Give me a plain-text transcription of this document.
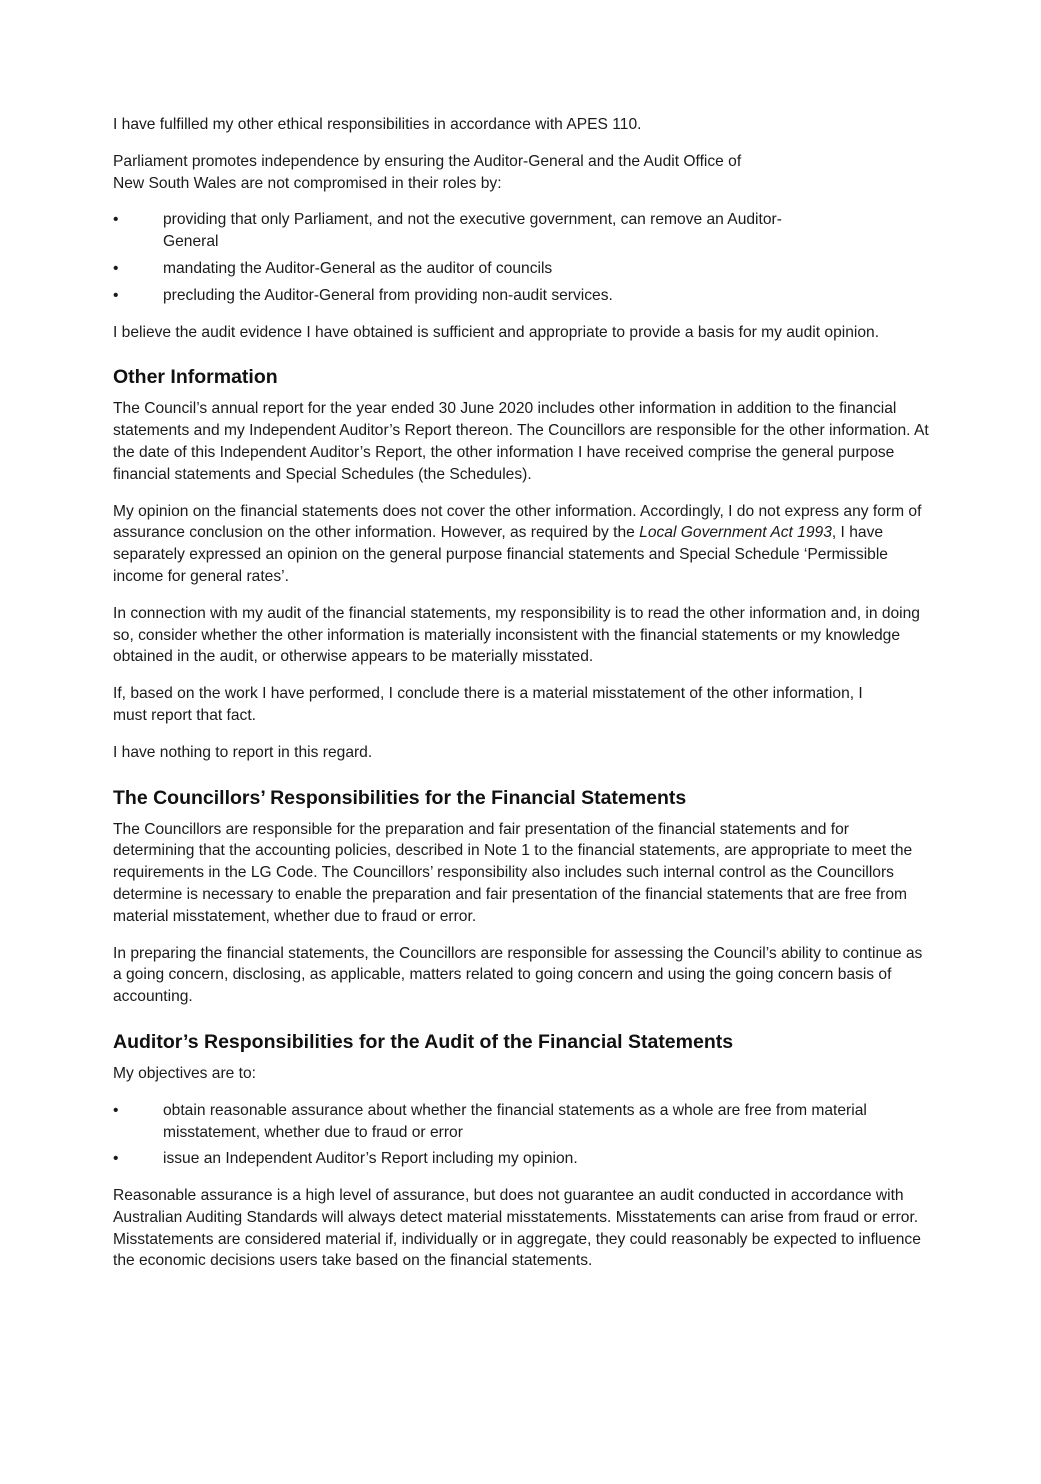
I have fulfilled my other ethical responsibilities in accordance with APES 110.

Parliament promotes independence by ensuring the Auditor-General and the Audit Office of
New South Wales are not compromised in their roles by:

•	providing that only Parliament, and not the executive government, can remove an Auditor-General
•	mandating the Auditor-General as the auditor of councils
•	precluding the Auditor-General from providing non-audit services.

I believe the audit evidence I have obtained is sufficient and appropriate to provide a basis for my audit opinion.

Other Information

The Council’s annual report for the year ended 30 June 2020 includes other information in addition to the financial statements and my Independent Auditor’s Report thereon. The Councillors are responsible for the other information. At the date of this Independent Auditor’s Report, the other information I have received comprise the general purpose financial statements and Special Schedules (the Schedules).

My opinion on the financial statements does not cover the other information. Accordingly, I do not express any form of assurance conclusion on the other information. However, as required by the Local Government Act 1993, I have separately expressed an opinion on the general purpose financial statements and Special Schedule ‘Permissible income for general rates’.

In connection with my audit of the financial statements, my responsibility is to read the other information and, in doing so, consider whether the other information is materially inconsistent with the financial statements or my knowledge obtained in the audit, or otherwise appears to be materially misstated.

If, based on the work I have performed, I conclude there is a material misstatement of the other information, I must report that fact.

I have nothing to report in this regard.

The Councillors’ Responsibilities for the Financial Statements

The Councillors are responsible for the preparation and fair presentation of the financial statements and for determining that the accounting policies, described in Note 1 to the financial statements, are appropriate to meet the requirements in the LG Code. The Councillors’ responsibility also includes such internal control as the Councillors determine is necessary to enable the preparation and fair presentation of the financial statements that are free from material misstatement, whether due to fraud or error.

In preparing the financial statements, the Councillors are responsible for assessing the Council’s ability to continue as a going concern, disclosing, as applicable, matters related to going concern and using the going concern basis of accounting.

Auditor’s Responsibilities for the Audit of the Financial Statements

My objectives are to:

•	obtain reasonable assurance about whether the financial statements as a whole are free from material misstatement, whether due to fraud or error
•	issue an Independent Auditor’s Report including my opinion.

Reasonable assurance is a high level of assurance, but does not guarantee an audit conducted in accordance with Australian Auditing Standards will always detect material misstatements. Misstatements can arise from fraud or error. Misstatements are considered material if, individually or in aggregate, they could reasonably be expected to influence the economic decisions users take based on the financial statements.
